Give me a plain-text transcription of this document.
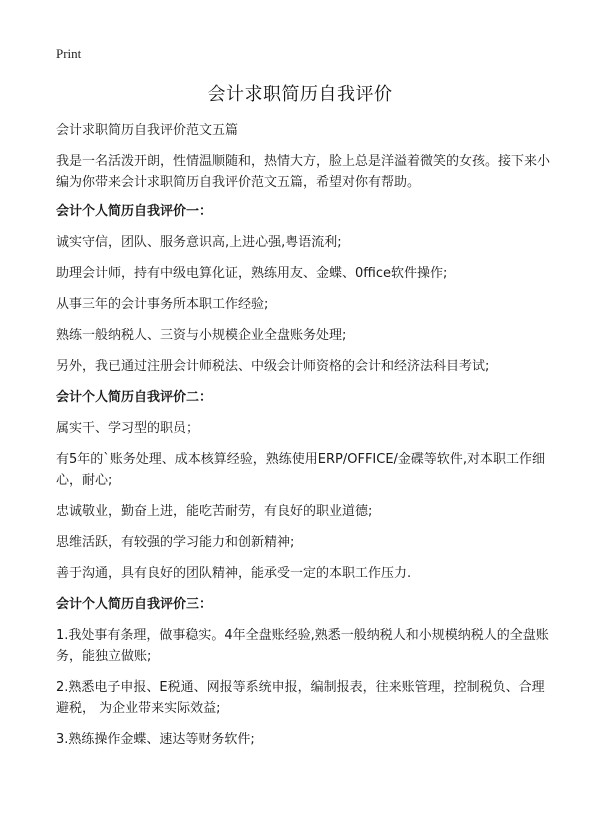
Print
会计求职简历自我评价

会计求职简历自我评价范文五篇

我是一名活泼开朗，性情温顺随和，热情大方，脸上总是洋溢着微笑的女孩。接下来小编为你带来会计求职简历自我评价范文五篇，希望对你有帮助。

会计个人简历自我评价一：

诚实守信，团队、服务意识高,上进心强,粤语流利;

助理会计师，持有中级电算化证，熟练用友、金蝶、0ffice软件操作;

从事三年的会计事务所本职工作经验;

熟练一般纳税人、三资与小规模企业全盘账务处理;

另外，我已通过注册会计师税法、中级会计师资格的会计和经济法科目考试;

会计个人简历自我评价二：

属实干、学习型的职员；

有5年的`账务处理、成本核算经验，熟练使用ERP/OFFICE/金碟等软件,对本职工作细心，耐心;

忠诚敬业，勤奋上进，能吃苦耐劳，有良好的职业道德;

思维活跃，有较强的学习能力和创新精神;

善于沟通，具有良好的团队精神，能承受一定的本职工作压力.

会计个人简历自我评价三：

1.我处事有条理，做事稳实。4年全盘账经验,熟悉一般纳税人和小规模纳税人的全盘账务，能独立做账;

2.熟悉电子申报、E税通、网报等系统申报，编制报表，往来账管理，控制税负、合理避税， 为企业带来实际效益;

3.熟练操作金蝶、速达等财务软件;
